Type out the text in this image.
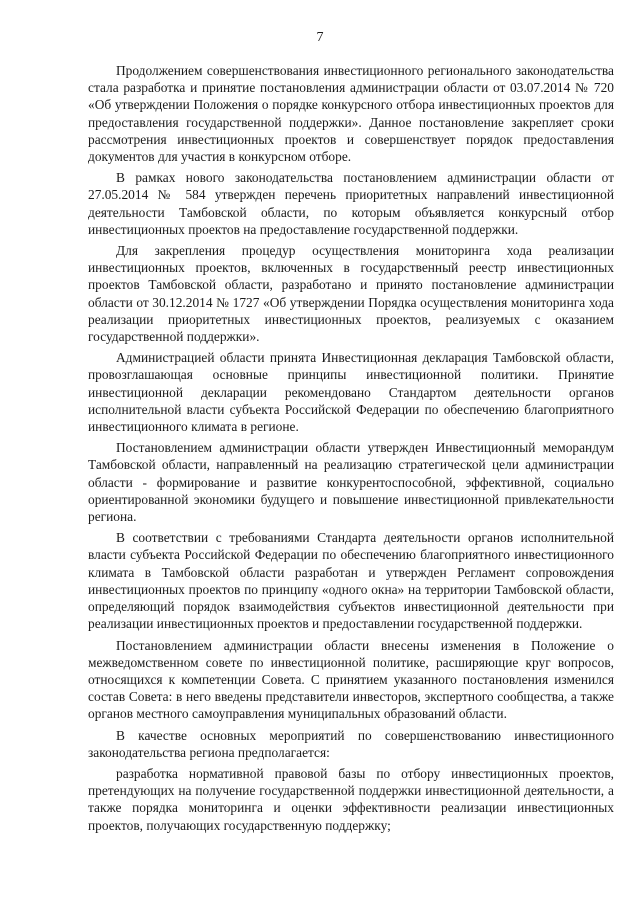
7

Продолжением совершенствования инвестиционного регионального законодательства стала разработка и принятие постановления администрации области от 03.07.2014 № 720 «Об утверждении Положения о порядке конкурсного отбора инвестиционных проектов для предоставления государственной поддержки». Данное постановление закрепляет сроки рассмотрения инвестиционных проектов и совершенствует порядок предоставления документов для участия в конкурсном отборе.

В рамках нового законодательства постановлением администрации области от 27.05.2014 № 584 утвержден перечень приоритетных направлений инвестиционной деятельности Тамбовской области, по которым объявляется конкурсный отбор инвестиционных проектов на предоставление государственной поддержки.

Для закрепления процедур осуществления мониторинга хода реализации инвестиционных проектов, включенных в государственный реестр инвестиционных проектов Тамбовской области, разработано и принято постановление администрации области от 30.12.2014 № 1727 «Об утверждении Порядка осуществления мониторинга хода реализации приоритетных инвестиционных проектов, реализуемых с оказанием государственной поддержки».

Администрацией области принята Инвестиционная декларация Тамбовской области, провозглашающая основные принципы инвестиционной политики. Принятие инвестиционной декларации рекомендовано Стандартом деятельности органов исполнительной власти субъекта Российской Федерации по обеспечению благоприятного инвестиционного климата в регионе.

Постановлением администрации области утвержден Инвестиционный меморандум Тамбовской области, направленный на реализацию стратегической цели администрации области - формирование и развитие конкурентоспособной, эффективной, социально ориентированной экономики будущего и повышение инвестиционной привлекательности региона.

В соответствии с требованиями Стандарта деятельности органов исполнительной власти субъекта Российской Федерации по обеспечению благоприятного инвестиционного климата в Тамбовской области разработан и утвержден Регламент сопровождения инвестиционных проектов по принципу «одного окна» на территории Тамбовской области, определяющий порядок взаимодействия субъектов инвестиционной деятельности при реализации инвестиционных проектов и предоставлении государственной поддержки.

Постановлением администрации области внесены изменения в Положение о межведомственном совете по инвестиционной политике, расширяющие круг вопросов, относящихся к компетенции Совета. С принятием указанного постановления изменился состав Совета: в него введены представители инвесторов, экспертного сообщества, а также органов местного самоуправления муниципальных образований области.

В качестве основных мероприятий по совершенствованию инвестиционного законодательства региона предполагается:

разработка нормативной правовой базы по отбору инвестиционных проектов, претендующих на получение государственной поддержки инвестиционной деятельности, а также порядка мониторинга и оценки эффективности реализации инвестиционных проектов, получающих государственную поддержку;
